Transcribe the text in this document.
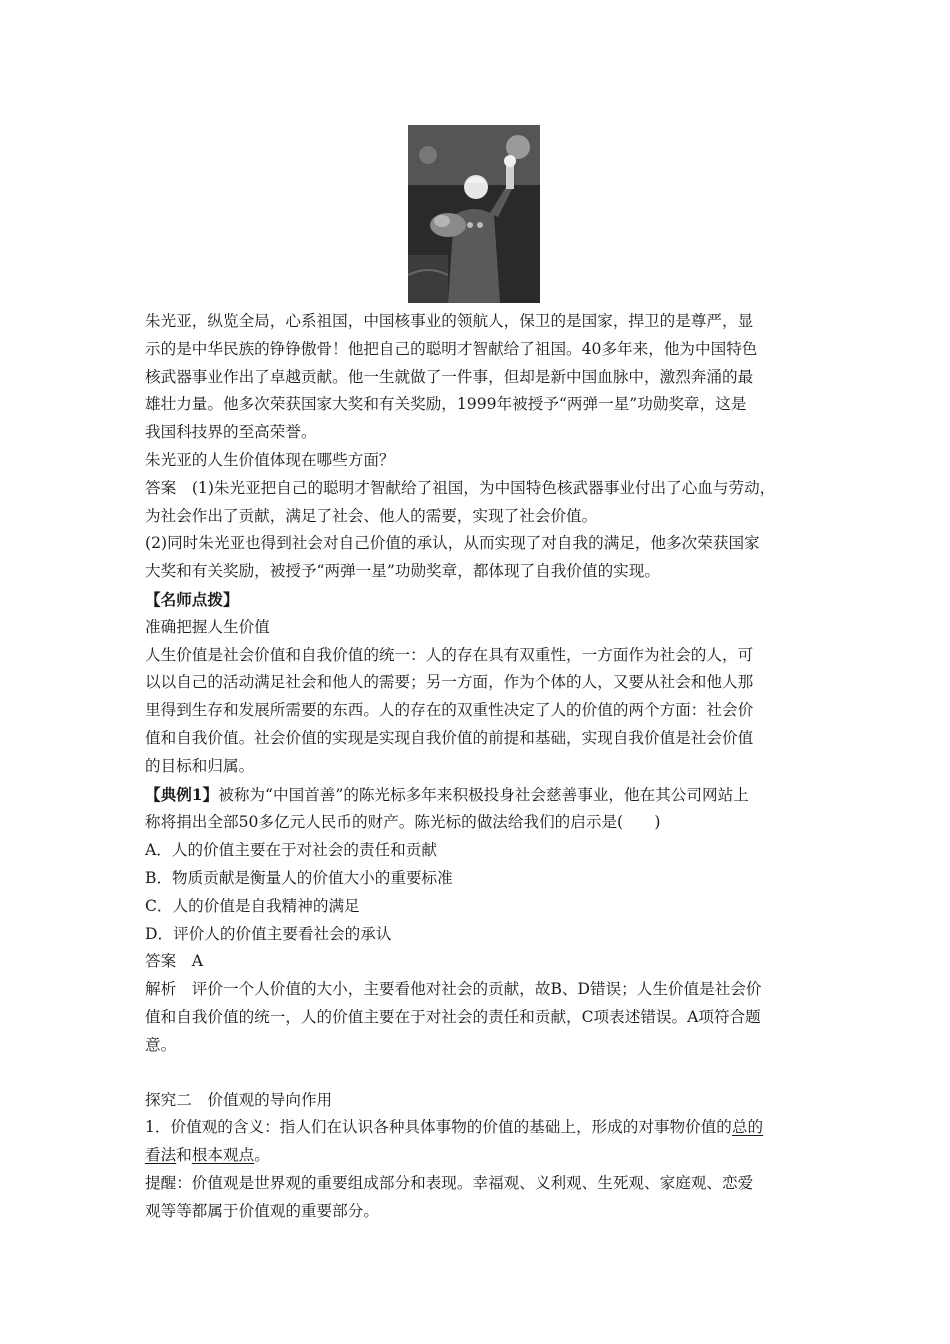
朱光亚，纵览全局，心系祖国，中国核事业的领航人，保卫的是国家，捍卫的是尊严，显

示的是中华民族的铮铮傲骨！他把自己的聪明才智献给了祖国。40多年来，他为中国特色

核武器事业作出了卓越贡献。他一生就做了一件事，但却是新中国血脉中，激烈奔涌的最

雄壮力量。他多次荣获国家大奖和有关奖励，1999年被授予“两弹一星”功勋奖章，这是

我国科技界的至高荣誉。

朱光亚的人生价值体现在哪些方面？

答案　 (1)朱光亚把自己的聪明才智献给了祖国，为中国特色核武器事业付出了心血与劳动，

为社会作出了贡献，满足了社会、他人的需要，实现了社会价值。

(2)同时朱光亚也得到社会对自己价值的承认，从而实现了对自我的满足，他多次荣获国家

大奖和有关奖励，被授予“两弹一星”功勋奖章，都体现了自我价值的实现。

【名师点拨】

准确把握人生价值

人生价值是社会价值和自我价值的统一：人的存在具有双重性，一方面作为社会的人，可

以以自己的活动满足社会和他人的需要；另一方面，作为个体的人，又要从社会和他人那

里得到生存和发展所需要的东西。人的存在的双重性决定了人的价值的两个方面：社会价

值和自我价值。社会价值的实现是实现自我价值的前提和基础，实现自我价值是社会价值

的目标和归属。

【典例1】被称为“中国首善”的陈光标多年来积极投身社会慈善事业，他在其公司网站上

称将捐出全部50多亿元人民币的财产。陈光标的做法给我们的启示是(　　)

A．人的价值主要在于对社会的责任和贡献

B．物质贡献是衡量人的价值大小的重要标准

C．人的价值是自我精神的满足

D．评价人的价值主要看社会的承认

答案　A

解析　评价一个人价值的大小，主要看他对社会的贡献，故B、D错误；人生价值是社会价

值和自我价值的统一，人的价值主要在于对社会的责任和贡献，C项表述错误。A项符合题

意。

探究二　价值观的导向作用

1．价值观的含义：指人们在认识各种具体事物的价值的基础上，形成的对事物价值的总的

看法和根本观点。

提醒：价值观是世界观的重要组成部分和表现。幸福观、义利观、生死观、家庭观、恋爱

观等等都属于价值观的重要部分。
